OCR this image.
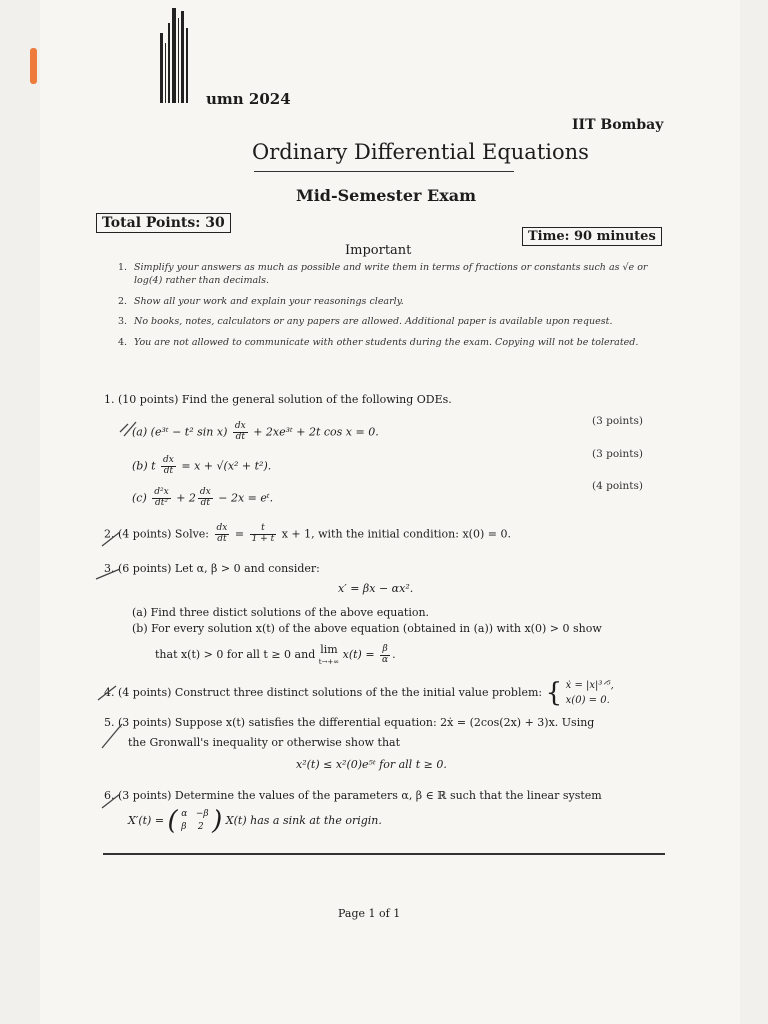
umn 2024
IIT Bombay
Ordinary Differential Equations
Mid-Semester Exam
Total Points: 30
Time: 90 minutes
Important
1. Simplify your answers as much as possible and write them in terms of fractions or constants such as √e or log(4) rather than decimals.
2. Show all your work and explain your reasonings clearly.
3. No books, notes, calculators or any papers are allowed. Additional paper is available upon request.
4. You are not allowed to communicate with other students during the exam. Copying will not be tolerated.
1. (10 points) Find the general solution of the following ODEs.
(a) (e³ᵗ − t² $\sin x) \frac{dx}{dt}$ + 2xe³ᵗ + 2t cos x = 0.
(3 points)
(b) t $\frac{dx}{dt} = x + √(x^2 + t^2)$.
(3 points)
$(c) \frac{\text{d²x}}{\text{dt²}} + 2 \frac{dx}{dt} - 2x$ = eᵗ.
(4 points)
2. (4 points) Solve: $\frac{dx}{dt} = \frac{t}{1 + t}$ x + 1, with the initial condition: x(0) = 0.
3. (6 points) Let α, β > 0 and consider:
x′ = βx − αx².
(a) Find three distict solutions of the above equation.
(b) For every solution x(t) of the above equation (obtained in (a)) with x(0) > 0 show
that x(t) > 0 for all t ≥ 0 and lim
t→+∞ $x(t) = \frac{\beta}{\alpha}$ .
4. (4 points) Construct three distinct solutions of the the initial value problem: { ẋ = |x|³ᐟ⁵,
x(0) = 0.
5. (3 points) Suppose x(t) satisfies the differential equation: 2ẋ = (2cos(2x) + 3)x. Using
the Gronwall's inequality or otherwise show that
x²(t) ≤ x²(0)e⁵ᵗ for all t ≥ 0.
6. (3 points) Determine the values of the parameters α, β ∈ ℝ such that the linear system
X′(t) = ( α −β
β 2 ) X(t) has a sink at the origin.
Page 1 of 1
